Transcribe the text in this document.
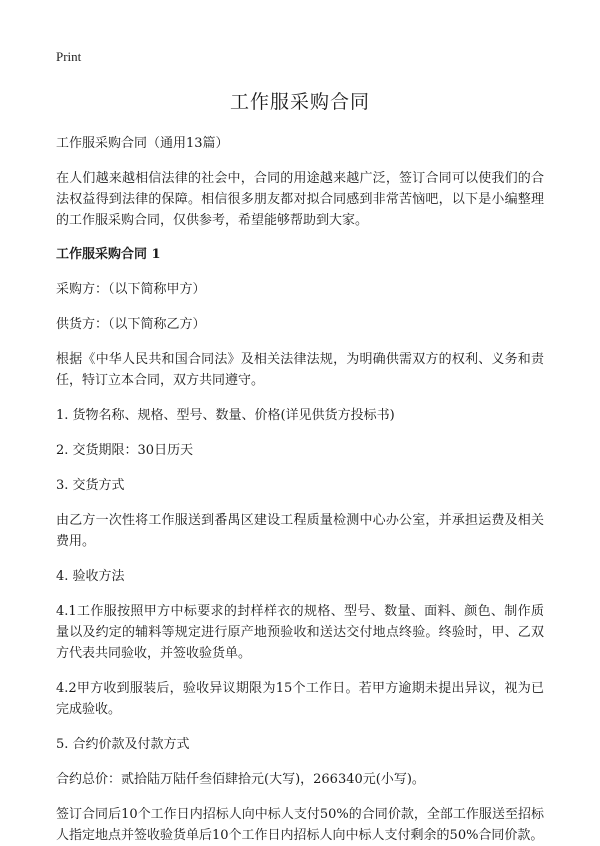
Print
工作服采购合同

工作服采购合同（通用13篇）

在人们越来越相信法律的社会中，合同的用途越来越广泛，签订合同可以使我们的合法权益得到法律的保障。相信很多朋友都对拟合同感到非常苦恼吧，以下是小编整理的工作服采购合同，仅供参考，希望能够帮助到大家。

工作服采购合同 1

采购方：（以下简称甲方）

供货方：（以下简称乙方）

根据《中华人民共和国合同法》及相关法律法规，为明确供需双方的权利、义务和责任，特订立本合同，双方共同遵守。

1. 货物名称、规格、型号、数量、价格(详见供货方投标书)

2. 交货期限：30日历天

3. 交货方式

由乙方一次性将工作服送到番禺区建设工程质量检测中心办公室，并承担运费及相关费用。

4. 验收方法

4.1工作服按照甲方中标要求的封样样衣的规格、型号、数量、面料、颜色、制作质量以及约定的辅料等规定进行原产地预验收和送达交付地点终验。终验时，甲、乙双方代表共同验收，并签收验货单。

4.2甲方收到服装后，验收异议期限为15个工作日。若甲方逾期未提出异议，视为已完成验收。

5. 合约价款及付款方式

合约总价：贰拾陆万陆仟叁佰肆拾元(大写)，266340元(小写)。

签订合同后10个工作日内招标人向中标人支付50%的合同价款，全部工作服送至招标人指定地点并签收验货单后10个工作日内招标人向中标人支付剩余的50%合同价款。
